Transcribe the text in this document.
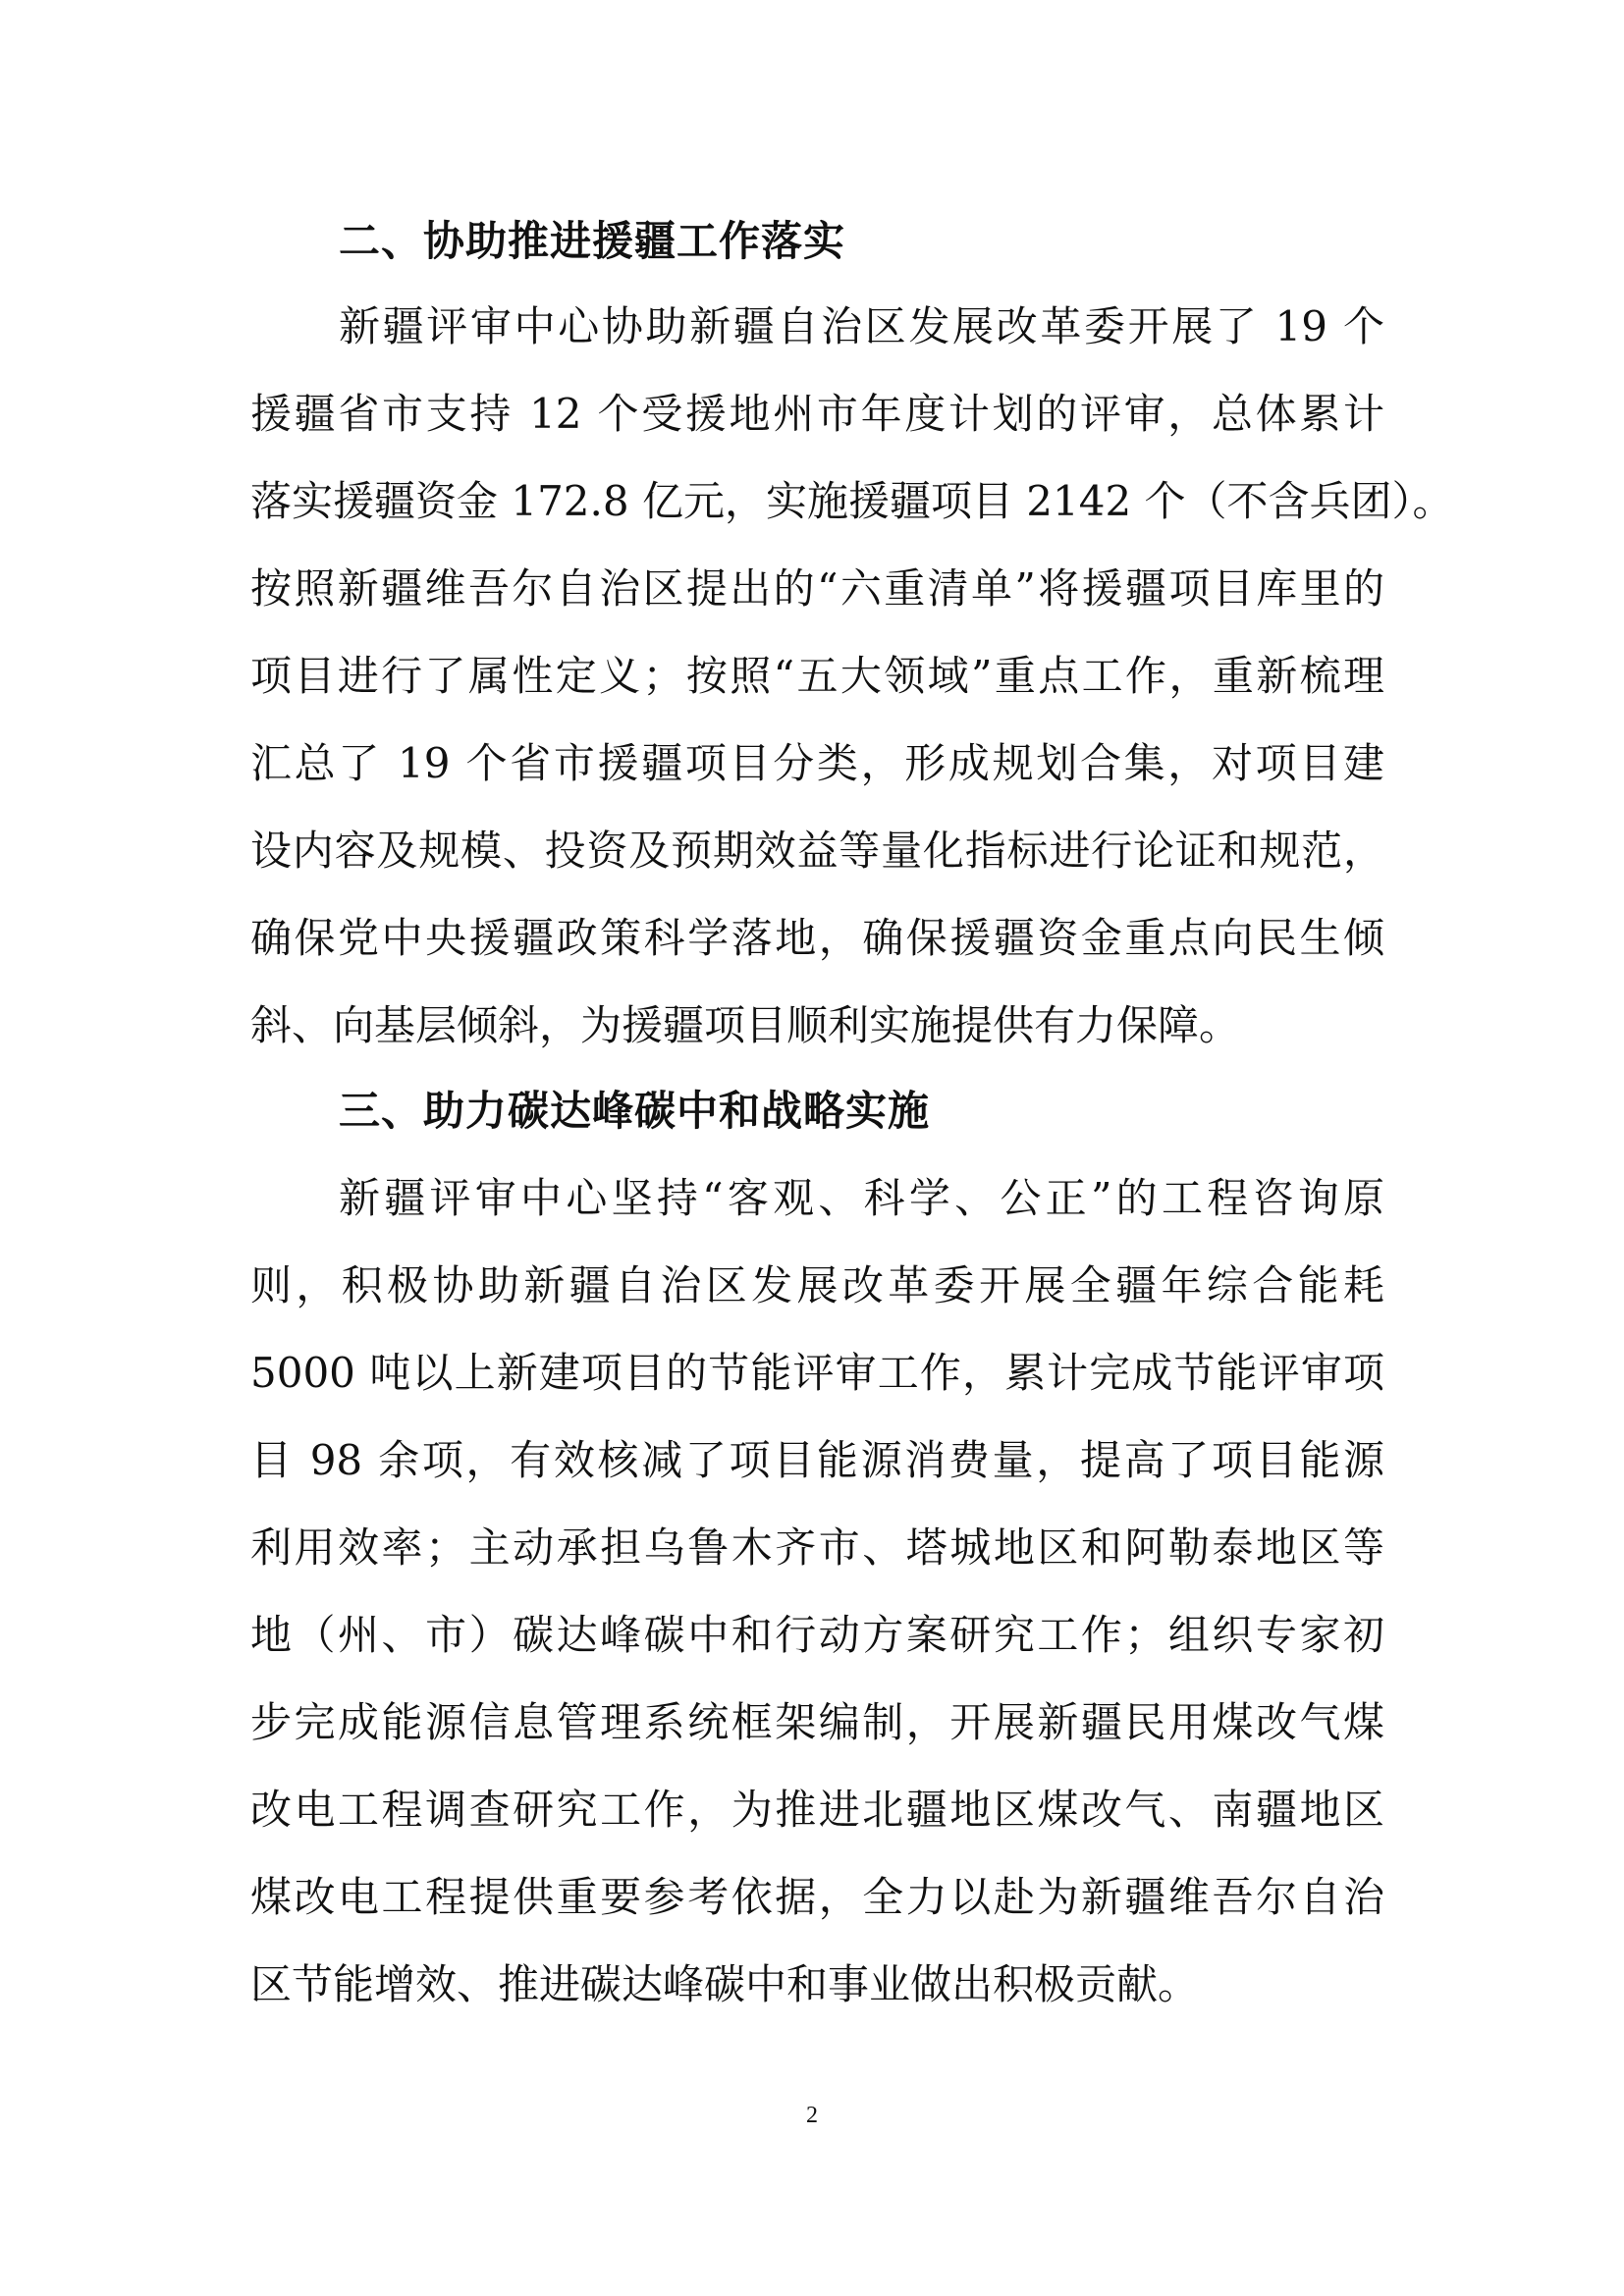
二、协助推进援疆工作落实
新疆评审中心协助新疆自治区发展改革委开展了 19 个
援疆省市支持 12 个受援地州市年度计划的评审，总体累计
落实援疆资金 172.8 亿元，实施援疆项目 2142 个（不含兵团）。
按照新疆维吾尔自治区提出的“六重清单”将援疆项目库里的
项目进行了属性定义；按照“五大领域”重点工作，重新梳理
汇总了 19 个省市援疆项目分类，形成规划合集，对项目建
设内容及规模、投资及预期效益等量化指标进行论证和规范，
确保党中央援疆政策科学落地，确保援疆资金重点向民生倾
斜、向基层倾斜，为援疆项目顺利实施提供有力保障。
三、助力碳达峰碳中和战略实施
新疆评审中心坚持“客观、科学、公正”的工程咨询原
则，积极协助新疆自治区发展改革委开展全疆年综合能耗
5000 吨以上新建项目的节能评审工作，累计完成节能评审项
目 98 余项，有效核减了项目能源消费量，提高了项目能源
利用效率；主动承担乌鲁木齐市、塔城地区和阿勒泰地区等
地（州、市）碳达峰碳中和行动方案研究工作；组织专家初
步完成能源信息管理系统框架编制，开展新疆民用煤改气煤
改电工程调查研究工作，为推进北疆地区煤改气、南疆地区
煤改电工程提供重要参考依据，全力以赴为新疆维吾尔自治
区节能增效、推进碳达峰碳中和事业做出积极贡献。
2
